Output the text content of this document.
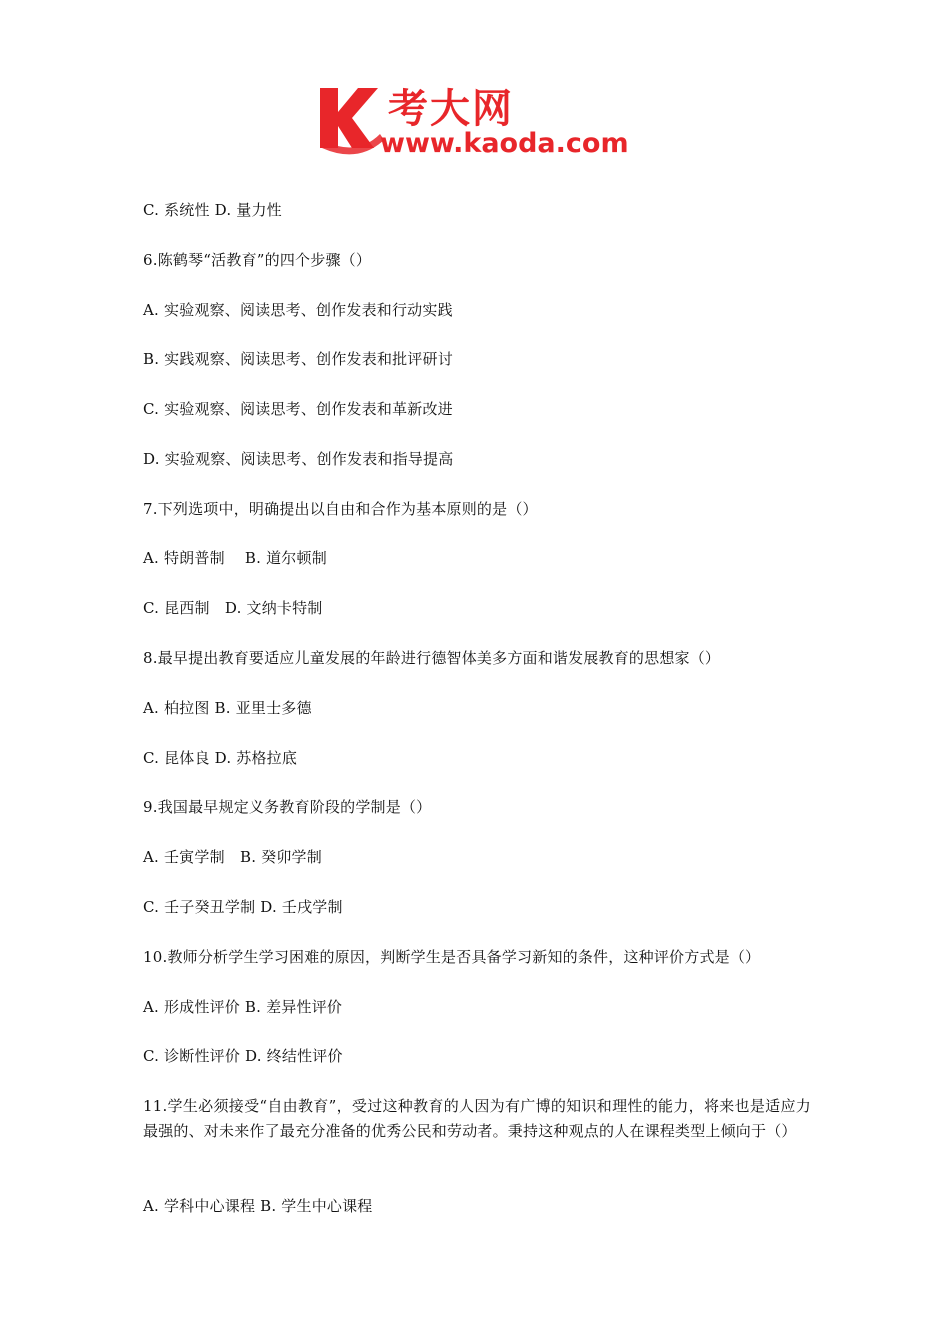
考大网
www.kaoda.com
C. 系统性 D. 量力性
6.陈鹤琴“活教育”的四个步骤（）
A. 实验观察、阅读思考、创作发表和行动实践
B. 实践观察、阅读思考、创作发表和批评研讨
C. 实验观察、阅读思考、创作发表和革新改进
D. 实验观察、阅读思考、创作发表和指导提高
7.下列选项中，明确提出以自由和合作为基本原则的是（）
A. 特朗普制　 B. 道尔顿制
C. 昆西制　D. 文纳卡特制
8.最早提出教育要适应儿童发展的年龄进行德智体美多方面和谐发展教育的思想家（）
A. 柏拉图 B. 亚里士多德
C. 昆体良 D. 苏格拉底
9.我国最早规定义务教育阶段的学制是（）
A. 壬寅学制　B. 癸卯学制
C. 壬子癸丑学制 D. 壬戌学制
10.教师分析学生学习困难的原因，判断学生是否具备学习新知的条件，这种评价方式是（）
A. 形成性评价 B. 差异性评价
C. 诊断性评价 D. 终结性评价
11.学生必须接受“自由教育”，受过这种教育的人因为有广博的知识和理性的能力，将来也是适应力最强的、对未来作了最充分准备的优秀公民和劳动者。秉持这种观点的人在课程类型上倾向于（）
A. 学科中心课程 B. 学生中心课程
